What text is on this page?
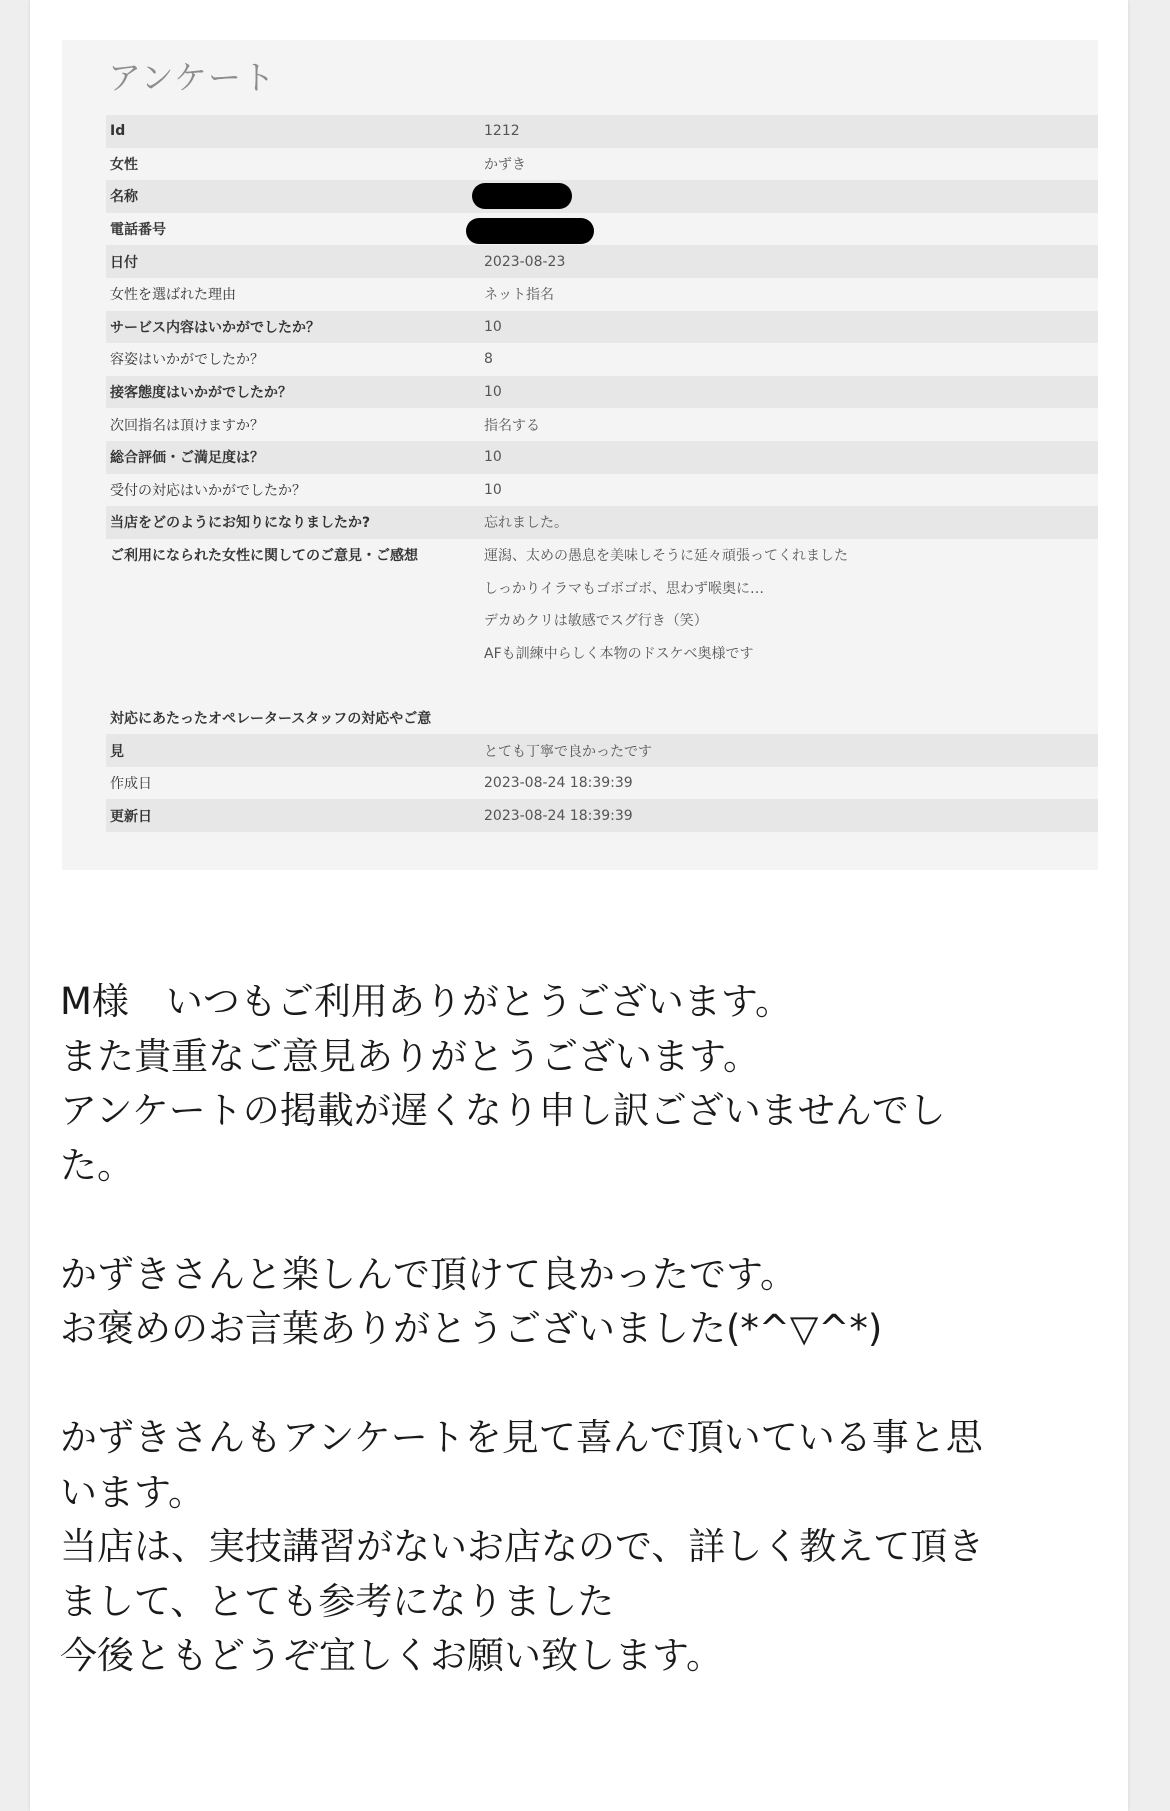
アンケート
Id	1212
女性	かずき
名称
電話番号
日付	2023-08-23
女性を選ばれた理由	ネット指名
サービス内容はいかがでしたか？	10
容姿はいかがでしたか？	8
接客態度はいかがでしたか？	10
次回指名は頂けますか？	指名する
総合評価・ご満足度は？	10
受付の対応はいかがでしたか？	10
当店をどのようにお知りになりましたか?	忘れました。
ご利用になられた女性に関してのご意見・ご感想	運潟、太めの愚息を美味しそうに延々頑張ってくれました
しっかりイラマもゴボゴボ、思わず喉奥に…
デカめクリは敏感でスグ行き（笑）
AFも訓練中らしく本物のドスケベ奥様です
対応にあたったオペレータースタッフの対応やご意
見	とても丁寧で良かったです
作成日	2023-08-24 18:39:39
更新日	2023-08-24 18:39:39

M様　いつもご利用ありがとうございます。

また貴重なご意見ありがとうございます。

アンケートの掲載が遅くなり申し訳ございませんでし

た。

かずきさんと楽しんで頂けて良かったです。

お褒めのお言葉ありがとうございました(*^▽^*)

かずきさんもアンケートを見て喜んで頂いている事と思

います。

当店は、実技講習がないお店なので、詳しく教えて頂き

まして、とても参考になりました

今後ともどうぞ宜しくお願い致します。
